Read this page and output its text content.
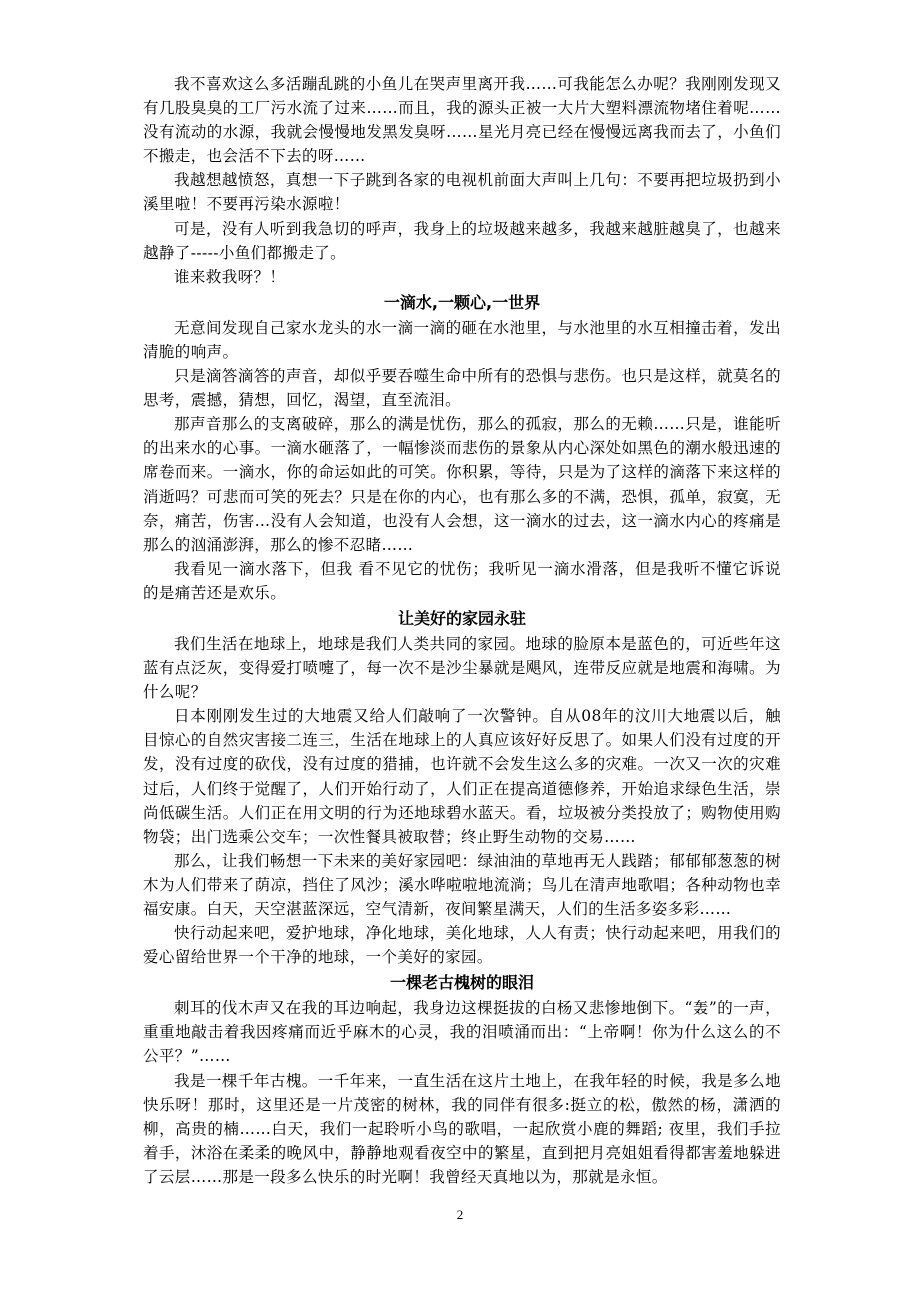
我不喜欢这么多活蹦乱跳的小鱼儿在哭声里离开我……可我能怎么办呢？我刚刚发现又有几股臭臭的工厂污水流了过来……而且，我的源头正被一大片大塑料漂流物堵住着呢……没有流动的水源，我就会慢慢地发黑发臭呀……星光月亮已经在慢慢远离我而去了，小鱼们不搬走，也会活不下去的呀……

我越想越愤怒，真想一下子跳到各家的电视机前面大声叫上几句：不要再把垃圾扔到小溪里啦！不要再污染水源啦！

可是，没有人听到我急切的呼声，我身上的垃圾越来越多，我越来越脏越臭了，也越来越静了-----小鱼们都搬走了。

谁来救我呀？！

一滴水,一颗心,一世界

无意间发现自己家水龙头的水一滴一滴的砸在水池里，与水池里的水互相撞击着，发出清脆的响声。

只是滴答滴答的声音，却似乎要吞噬生命中所有的恐惧与悲伤。也只是这样，就莫名的思考，震撼，猜想，回忆，渴望，直至流泪。

那声音那么的支离破碎，那么的满是忧伤，那么的孤寂，那么的无赖……只是，谁能听的出来水的心事。一滴水砸落了，一幅惨淡而悲伤的景象从内心深处如黑色的潮水般迅速的席卷而来。一滴水，你的命运如此的可笑。你积累，等待，只是为了这样的滴落下来这样的消逝吗？可悲而可笑的死去？只是在你的内心，也有那么多的不满，恐惧，孤单，寂寞，无奈，痛苦，伤害…没有人会知道，也没有人会想，这一滴水的过去，这一滴水内心的疼痛是那么的汹涌澎湃，那么的惨不忍睹……

我看见一滴水落下，但我 看不见它的忧伤；我听见一滴水滑落，但是我听不懂它诉说的是痛苦还是欢乐。

让美好的家园永驻

我们生活在地球上，地球是我们人类共同的家园。地球的脸原本是蓝色的，可近些年这蓝有点泛灰，变得爱打喷嚏了，每一次不是沙尘暴就是飓风，连带反应就是地震和海啸。为什么呢？

日本刚刚发生过的大地震又给人们敲响了一次警钟。自从08年的汶川大地震以后，触目惊心的自然灾害接二连三，生活在地球上的人真应该好好反思了。如果人们没有过度的开发，没有过度的砍伐，没有过度的猎捕，也许就不会发生这么多的灾难。一次又一次的灾难过后，人们终于觉醒了，人们开始行动了，人们正在提高道德修养，开始追求绿色生活，崇尚低碳生活。人们正在用文明的行为还地球碧水蓝天。看，垃圾被分类投放了；购物使用购物袋；出门选乘公交车；一次性餐具被取替；终止野生动物的交易……

那么，让我们畅想一下未来的美好家园吧：绿油油的草地再无人践踏；郁郁郁葱葱的树木为人们带来了荫凉，挡住了风沙；溪水哗啦啦地流淌；鸟儿在清声地歌唱；各种动物也幸福安康。白天，天空湛蓝深远，空气清新，夜间繁星满天，人们的生活多姿多彩……

快行动起来吧，爱护地球，净化地球，美化地球，人人有责；快行动起来吧，用我们的爱心留给世界一个干净的地球，一个美好的家园。

一棵老古槐树的眼泪

刺耳的伐木声又在我的耳边响起，我身边这棵挺拔的白杨又悲惨地倒下。“轰”的一声，重重地敲击着我因疼痛而近乎麻木的心灵，我的泪喷涌而出：“上帝啊！你为什么这么的不公平？”……

我是一棵千年古槐。一千年来，一直生活在这片土地上，在我年轻的时候，我是多么地快乐呀！那时，这里还是一片茂密的树林，我的同伴有很多:挺立的松，傲然的杨，潇洒的柳，高贵的楠……白天，我们一起聆听小鸟的歌唱，一起欣赏小鹿的舞蹈; 夜里，我们手拉着手，沐浴在柔柔的晚风中，静静地观看夜空中的繁星，直到把月亮姐姐看得都害羞地躲进了云层……那是一段多么快乐的时光啊！我曾经天真地以为，那就是永恒。

2
